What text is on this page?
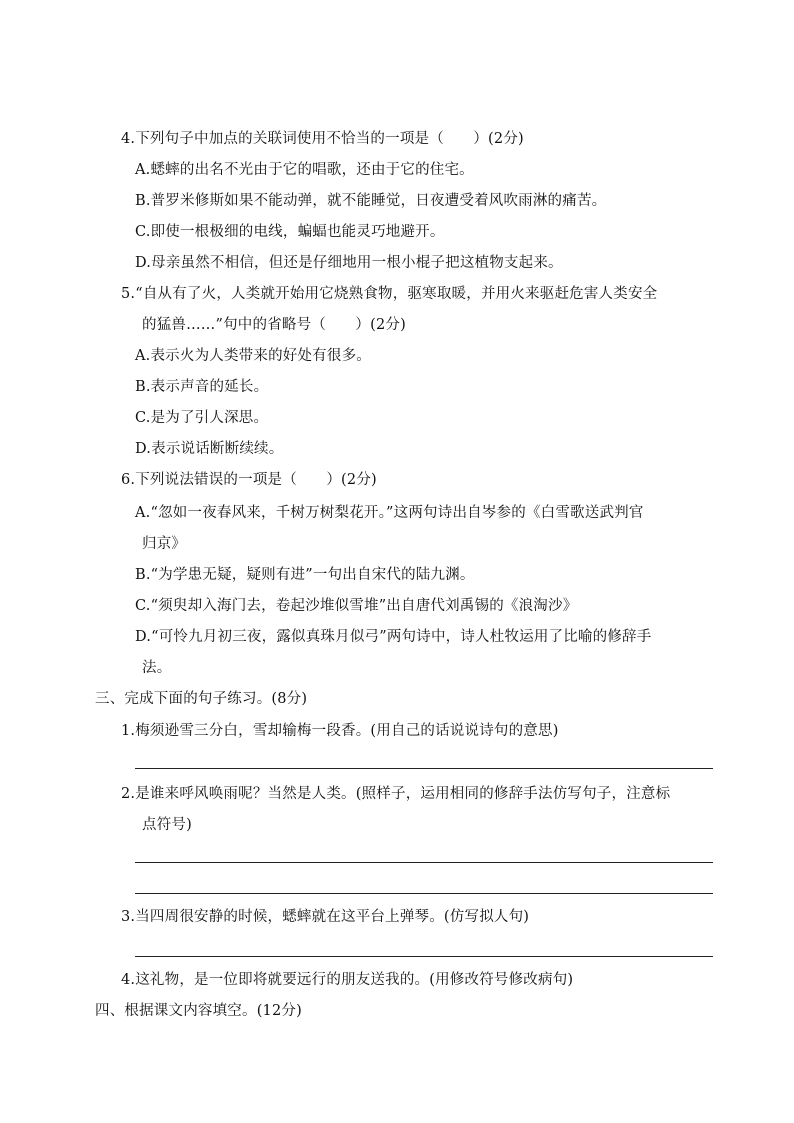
4.下列句子中加点的关联词使用不恰当的一项是（　　）(2分)
A.蟋蟀的出名不光由于它的唱歌，还由于它的住宅。
B.普罗米修斯如果不能动弹，就不能睡觉，日夜遭受着风吹雨淋的痛苦。
C.即使一根极细的电线，蝙蝠也能灵巧地避开。
D.母亲虽然不相信，但还是仔细地用一根小棍子把这植物支起来。
5.“自从有了火，人类就开始用它烧熟食物，驱寒取暖，并用火来驱赶危害人类安全
的猛兽……”句中的省略号（　　）(2分)
A.表示火为人类带来的好处有很多。
B.表示声音的延长。
C.是为了引人深思。
D.表示说话断断续续。
6.下列说法错误的一项是（　　）(2分)
A.“忽如一夜春风来，千树万树梨花开。”这两句诗出自岑参的《白雪歌送武判官
归京》
B.“为学患无疑，疑则有进”一句出自宋代的陆九渊。
C.“须臾却入海门去，卷起沙堆似雪堆”出自唐代刘禹锡的《浪淘沙》
D.“可怜九月初三夜，露似真珠月似弓”两句诗中，诗人杜牧运用了比喻的修辞手
法。
三、完成下面的句子练习。(8分)
1.梅须逊雪三分白，雪却输梅一段香。(用自己的话说说诗句的意思)
2.是谁来呼风唤雨呢？当然是人类。(照样子，运用相同的修辞手法仿写句子，注意标
点符号)
3.当四周很安静的时候，蟋蟀就在这平台上弹琴。(仿写拟人句)
4.这礼物，是一位即将就要远行的朋友送我的。(用修改符号修改病句)
四、根据课文内容填空。(12分)
